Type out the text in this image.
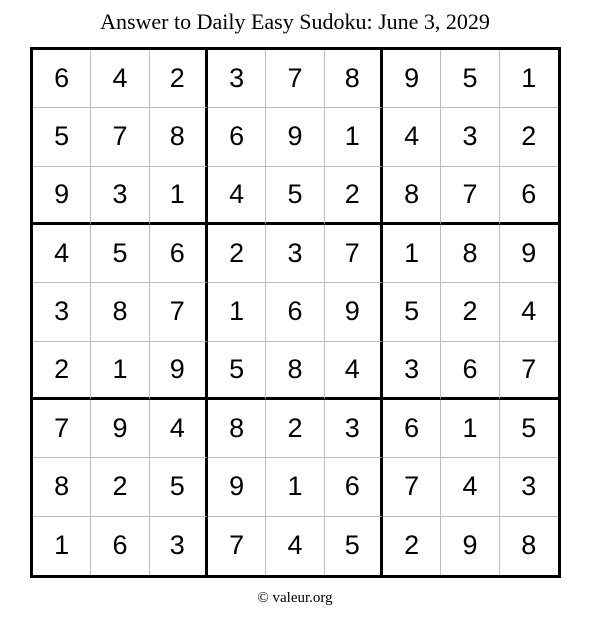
Answer to Daily Easy Sudoku: June 3, 2029
6	4	2	3	7	8	9	5	1
5	7	8	6	9	1	4	3	2
9	3	1	4	5	2	8	7	6
4	5	6	2	3	7	1	8	9
3	8	7	1	6	9	5	2	4
2	1	9	5	8	4	3	6	7
7	9	4	8	2	3	6	1	5
8	2	5	9	1	6	7	4	3
1	6	3	7	4	5	2	9	8
© valeur.org
